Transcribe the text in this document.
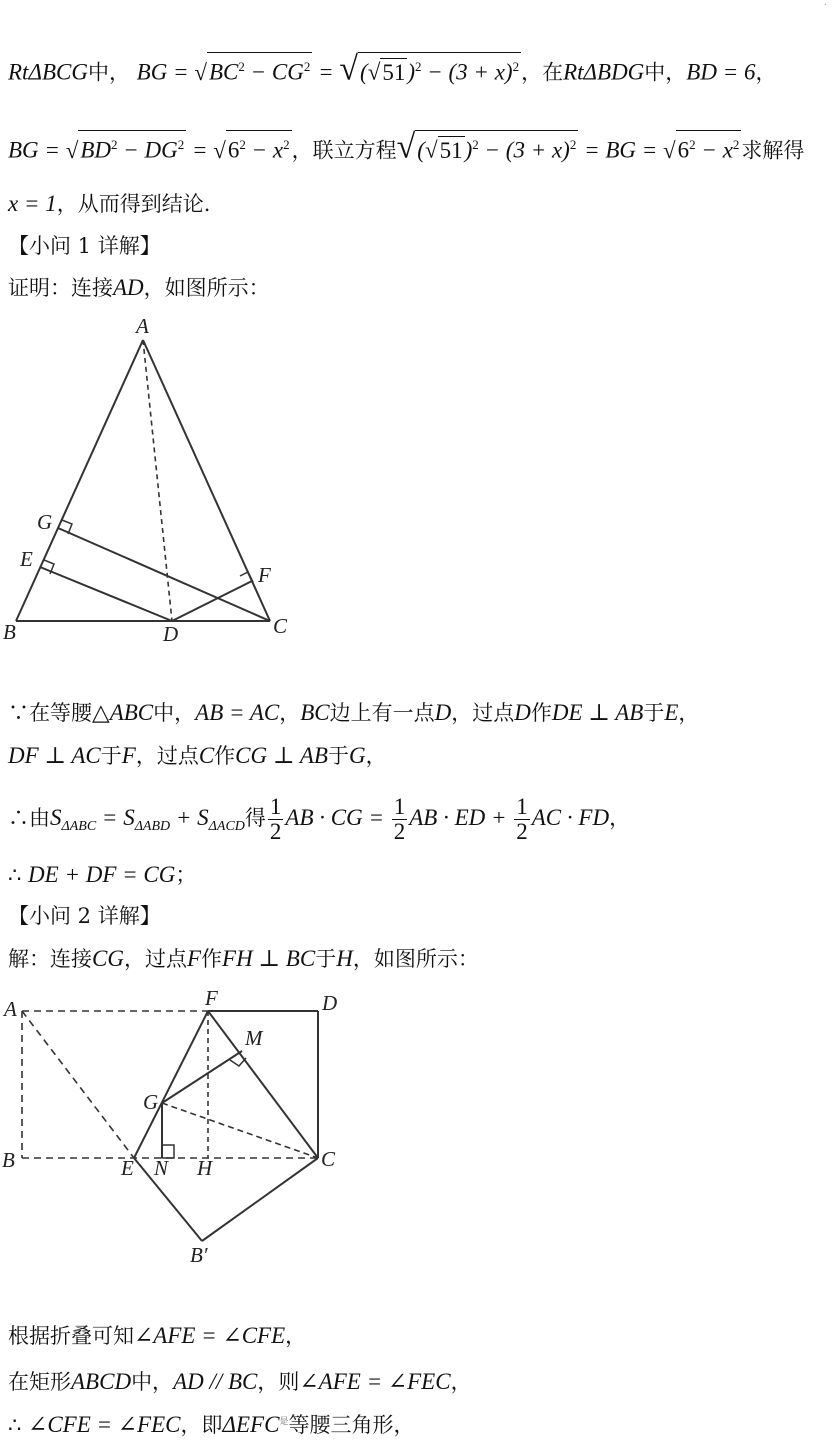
·
RtΔBCG中， BG = $√BC^2 - CG^2 = √(√51)^2 - (3 + x)^2$，在RtΔBDG中，BD = 6，
BG = $√BD^2 - DG^2 = √6^2 - x^2$，联立方程$√(√51)^2 - (3 + x)^2$ = BG = $√6^2 - x^2$求解得
x = 1，从而得到结论.
【小问 1 详解】
证明：连接AD，如图所示：
A
B	C
D
E
F
G
∵在等腰△ABC中，AB = AC，BC边上有一点D，过点D作DE ⊥ AB于E，
DF ⊥ AC于F，过点C作CG ⊥ AB于G，
∴由$S_{\Delta ABC} = S_{\Delta ABD} + S_{\Delta ACD}$得 $\frac{1}{2}$ AB · CG = $\frac{1}{2}$ AB · ED + $\frac{1}{2}$ AC · FD，
∴ DE + DF = CG；
【小问 2 详解】
解：连接CG，过点F作FH ⊥ BC于H，如图所示：
A
B	C
D
E
F
G
H
M
N
B′
根据折叠可知∠AFE = ∠CFE，
在矩形ABCD中，AD // BC，则∠AFE = ∠FEC，
∴ ∠CFE = ∠FEC，即$\Delta EFC^是$等腰三角形，
